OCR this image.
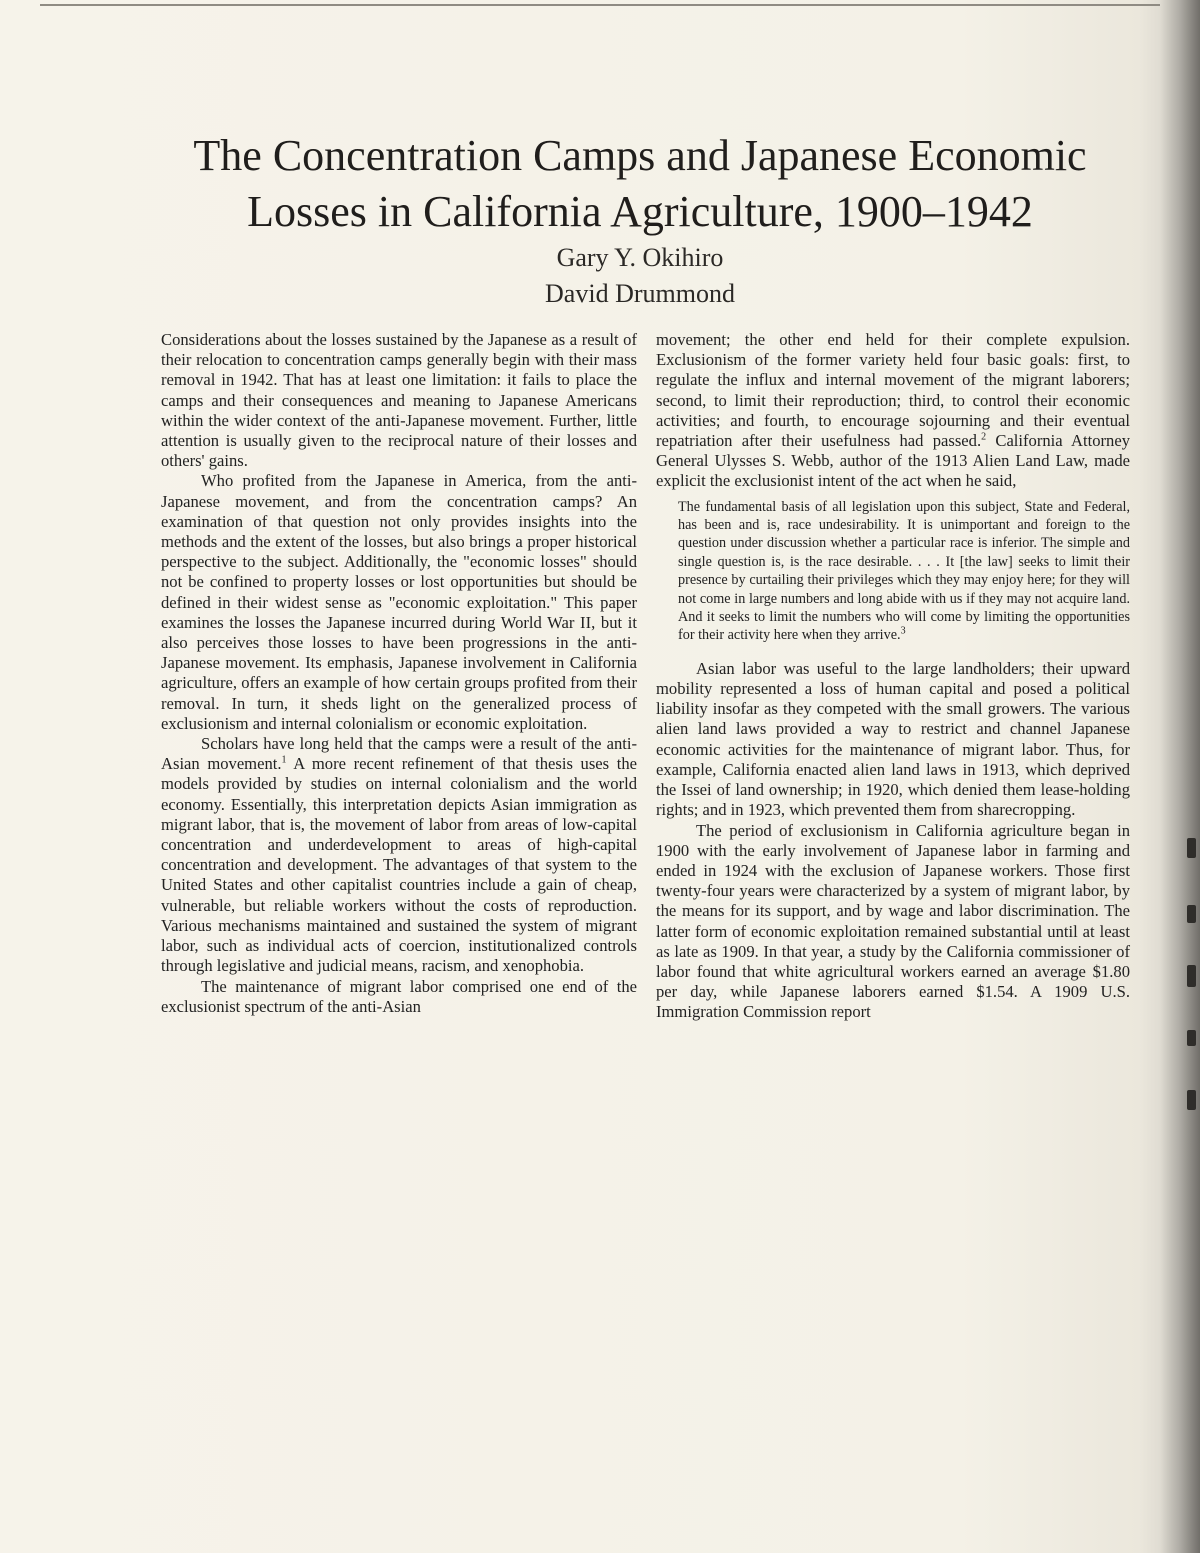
The Concentration Camps and Japanese Economic
Losses in California Agriculture, 1900–1942
Gary Y. Okihiro
David Drummond

Considerations about the losses sustained by the Japanese as a result of their relocation to concentration camps generally begin with their mass removal in 1942. That has at least one limitation: it fails to place the camps and their consequences and meaning to Japanese Americans within the wider context of the anti-Japanese movement. Further, little attention is usually given to the reciprocal nature of their losses and others' gains.

Who profited from the Japanese in America, from the anti-Japanese movement, and from the concentration camps? An examination of that question not only provides insights into the methods and the extent of the losses, but also brings a proper historical perspective to the subject. Additionally, the "economic losses" should not be confined to property losses or lost opportunities but should be defined in their widest sense as "economic exploitation." This paper examines the losses the Japanese incurred during World War II, but it also perceives those losses to have been progressions in the anti-Japanese movement. Its emphasis, Japanese involvement in California agriculture, offers an example of how certain groups profited from their removal. In turn, it sheds light on the generalized process of exclusionism and internal colonialism or economic exploitation.

Scholars have long held that the camps were a result of the anti-Asian movement.$^1$ A more recent refinement of that thesis uses the models provided by studies on internal colonialism and the world economy. Essentially, this interpretation depicts Asian immigration as migrant labor, that is, the movement of labor from areas of low-capital concentration and underdevelopment to areas of high-capital concentration and development. The advantages of that system to the United States and other capitalist countries include a gain of cheap, vulnerable, but reliable workers without the costs of reproduction. Various mechanisms maintained and sustained the system of migrant labor, such as individual acts of coercion, institutionalized controls through legislative and judicial means, racism, and xenophobia.

The maintenance of migrant labor comprised one end of the exclusionist spectrum of the anti-Asian

movement; the other end held for their complete expulsion. Exclusionism of the former variety held four basic goals: first, to regulate the influx and internal movement of the migrant laborers; second, to limit their reproduction; third, to control their economic activities; and fourth, to encourage sojourning and their eventual repatriation after their usefulness had passed.$^2$ California Attorney General Ulysses S. Webb, author of the 1913 Alien Land Law, made explicit the exclusionist intent of the act when he said,

The fundamental basis of all legislation upon this subject, State and Federal, has been and is, race undesirability. It is unimportant and foreign to the question under discussion whether a particular race is inferior. The simple and single question is, is the race desirable. . . . It [the law] seeks to limit their presence by curtailing their privileges which they may enjoy here; for they will not come in large numbers and long abide with us if they may not acquire land. And it seeks to limit the numbers who will come by limiting the opportunities for their activity here when they arrive.$^3$

Asian labor was useful to the large landholders; their upward mobility represented a loss of human capital and posed a political liability insofar as they competed with the small growers. The various alien land laws provided a way to restrict and channel Japanese economic activities for the maintenance of migrant labor. Thus, for example, California enacted alien land laws in 1913, which deprived the Issei of land ownership; in 1920, which denied them lease-holding rights; and in 1923, which prevented them from sharecropping.

The period of exclusionism in California agriculture began in 1900 with the early involvement of Japanese labor in farming and ended in 1924 with the exclusion of Japanese workers. Those first twenty-four years were characterized by a system of migrant labor, by the means for its support, and by wage and labor discrimination. The latter form of economic exploitation remained substantial until at least as late as 1909. In that year, a study by the California commissioner of labor found that white agricultural workers earned an average $1.80 per day, while Japanese laborers earned $1.54. A 1909 U.S. Immigration Commission report
